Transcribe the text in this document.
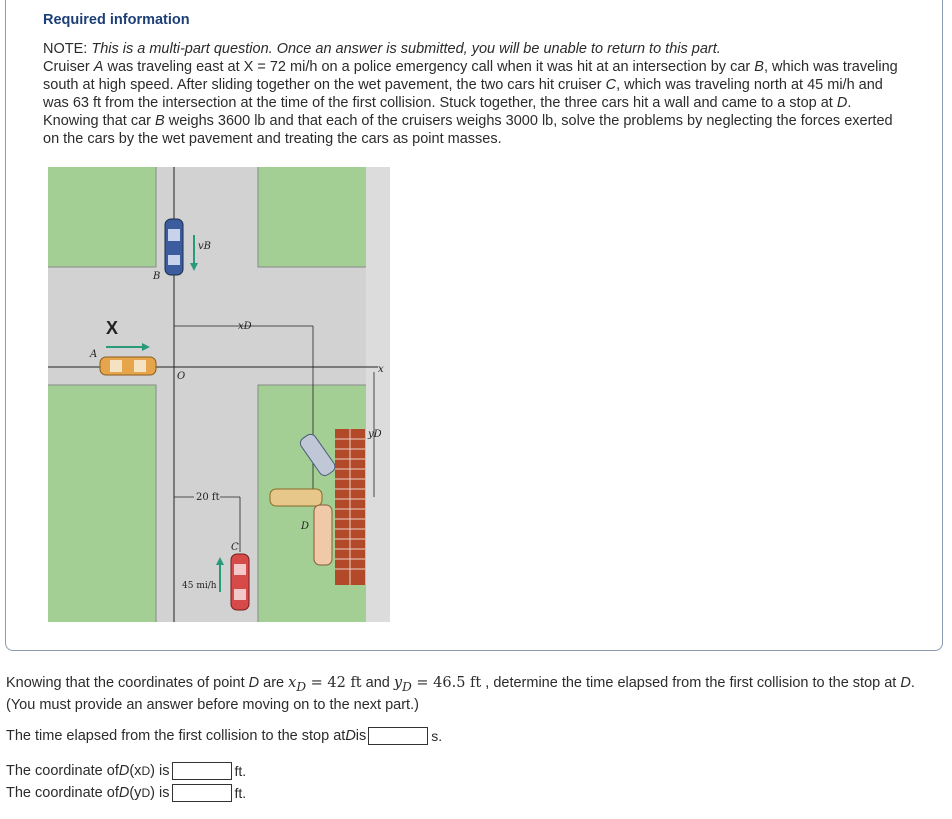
Required information

NOTE: This is a multi-part question. Once an answer is submitted, you will be unable to return to this part.

Cruiser A was traveling east at X = 72 mi/h on a police emergency call when it was hit at an intersection by car B, which was traveling south at high speed. After sliding together on the wet pavement, the two cars hit cruiser C, which was traveling north at 45 mi/h and was 63 ft from the intersection at the time of the first collision. Stuck together, the three cars hit a wall and came to a stop at D. Knowing that car B weighs 3600 lb and that each of the cruisers weighs 3000 lb, solve the problems by neglecting the forces exerted on the cars by the wet pavement and treating the cars as point masses.

O
x
xD
yD
vB
B
A
X
D
20 ft
C
45 mi/h
Knowing that the coordinates of point D are $x_D = 42$ ft and $y_D = 46.5$ ft , determine the time elapsed from the first collision to the stop at D. (You must provide an answer before moving on to the next part.)
The time elapsed from the first collision to the stop at D is	s.
The coordinate of D (x D ) is	ft.
The coordinate of D (y D ) is	ft.
